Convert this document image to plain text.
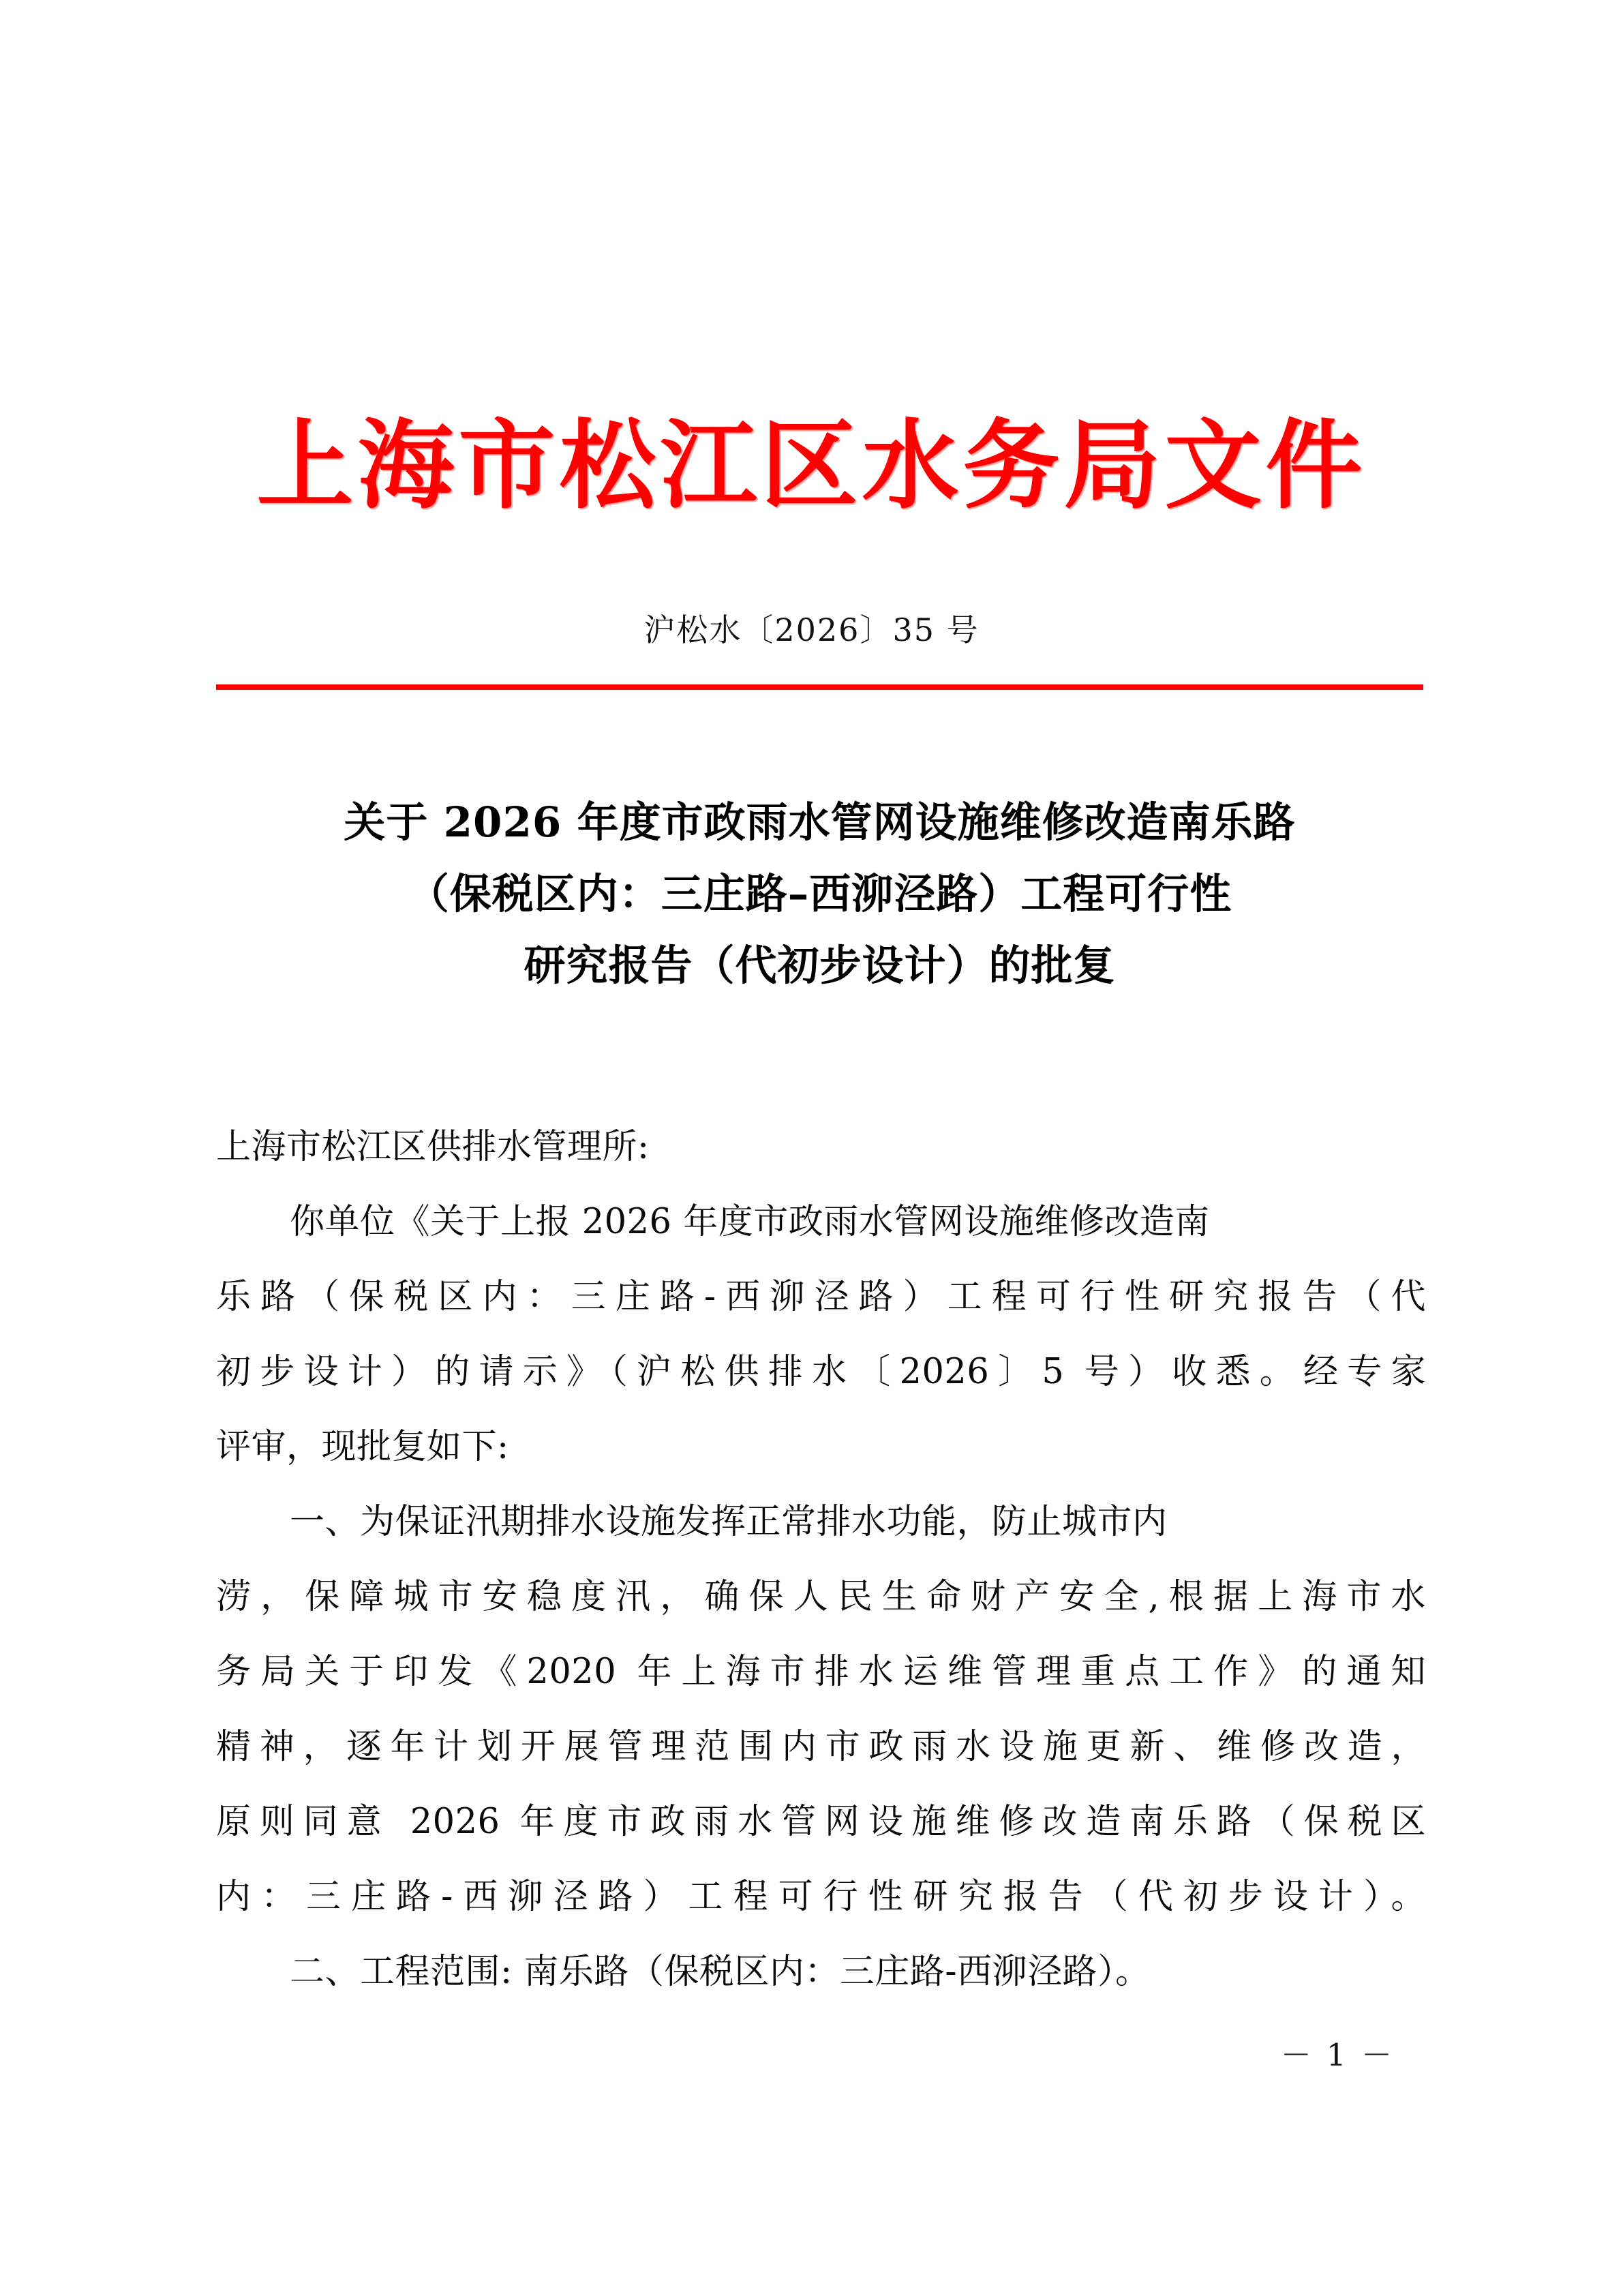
上海市松江区水务局文件
沪松水〔2026〕35 号
关于 2026 年度市政雨水管网设施维修改造南乐路
（保税区内：三庄路–西泖泾路）工程可行性
研究报告（代初步设计）的批复
上海市松江区供排水管理所:
你单位《关于上报 2026 年度市政雨水管网设施维修改造南
乐路（保税区内：三庄路-西泖泾路）工程可行性研究报告（代
初步设计）的请示》（沪松供排水〔2026〕5 号）收悉。经专家
评审，现批复如下:
一、为保证汛期排水设施发挥正常排水功能，防止城市内
涝，保障城市安稳度汛，确保人民生命财产安全,根据上海市水
务局关于印发《2020 年上海市排水运维管理重点工作》的通知
精神，逐年计划开展管理范围内市政雨水设施更新、维修改造，
原则同意 2026 年度市政雨水管网设施维修改造南乐路（保税区
内：三庄路-西泖泾路）工程可行性研究报告（代初步设计）。
二、工程范围: 南乐路（保税区内：三庄路-西泖泾路）。
－ 1 －
